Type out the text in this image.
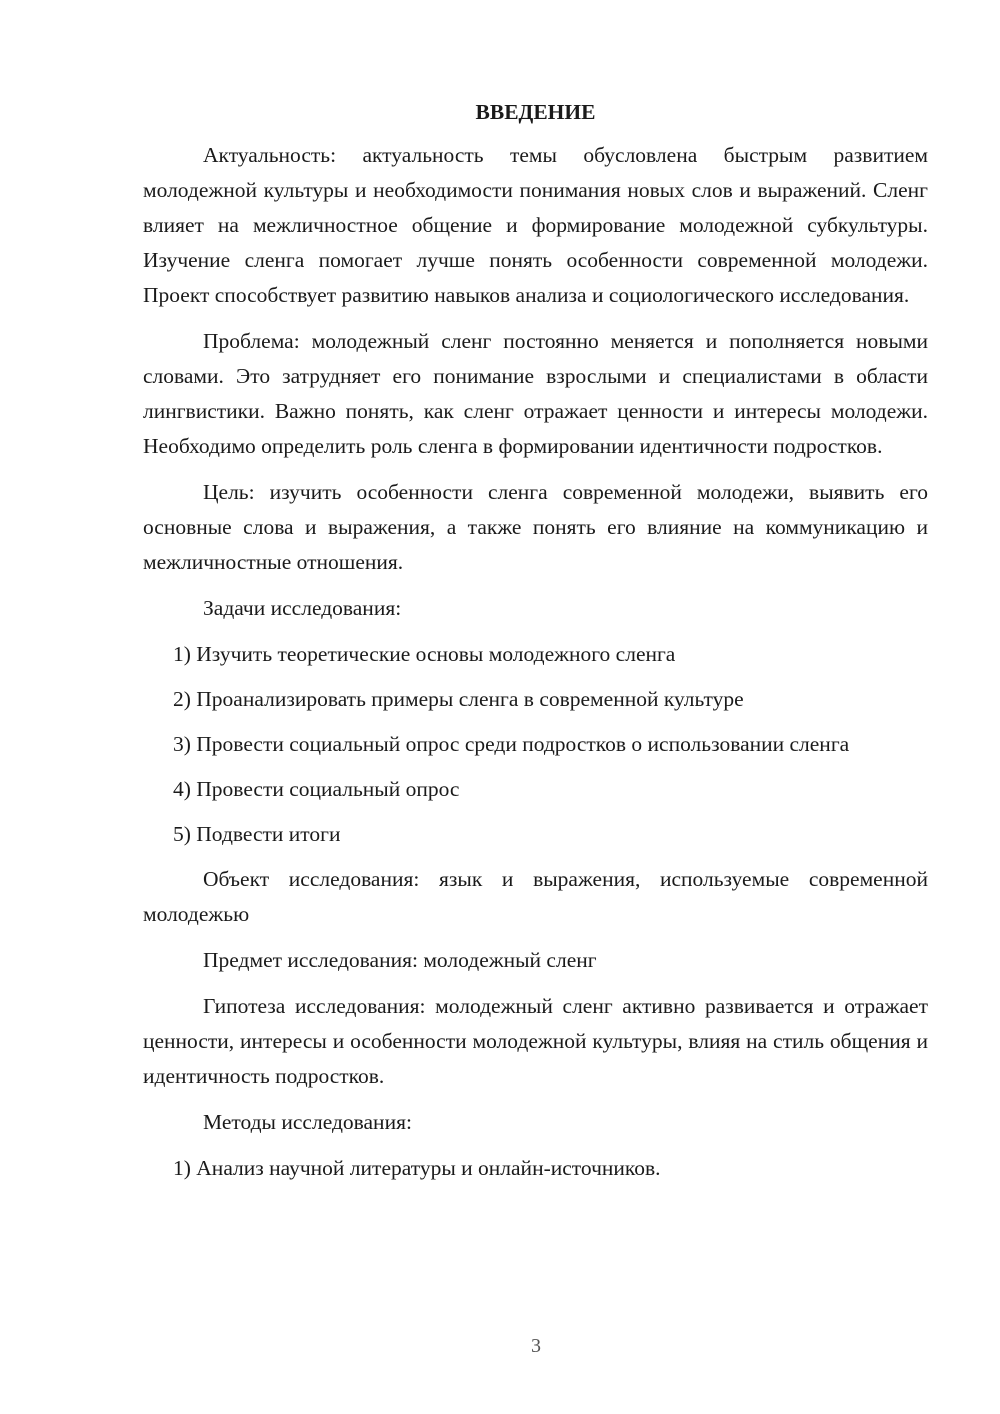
ВВЕДЕНИЕ
Актуальность: актуальность темы обусловлена быстрым развитием молодежной культуры и необходимости понимания новых слов и выражений. Сленг влияет на межличностное общение и формирование молодежной субкультуры. Изучение сленга помогает лучше понять особенности современной молодежи. Проект способствует развитию навыков анализа и социологического исследования.
Проблема: молодежный сленг постоянно меняется и пополняется новыми словами. Это затрудняет его понимание взрослыми и специалистами в области лингвистики. Важно понять, как сленг отражает ценности и интересы молодежи. Необходимо определить роль сленга в формировании идентичности подростков.
Цель: изучить особенности сленга современной молодежи, выявить его основные слова и выражения, а также понять его влияние на коммуникацию и межличностные отношения.
Задачи исследования:
1) Изучить теоретические основы молодежного сленга
2) Проанализировать примеры сленга в современной культуре
3) Провести социальный опрос среди подростков о использовании сленга
4) Провести социальный опрос
5) Подвести итоги
Объект исследования: язык и выражения, используемые современной молодежью
Предмет исследования: молодежный сленг
Гипотеза исследования: молодежный сленг активно развивается и отражает ценности, интересы и особенности молодежной культуры, влияя на стиль общения и идентичность подростков.
Методы исследования:
1) Анализ научной литературы и онлайн-источников.
3
